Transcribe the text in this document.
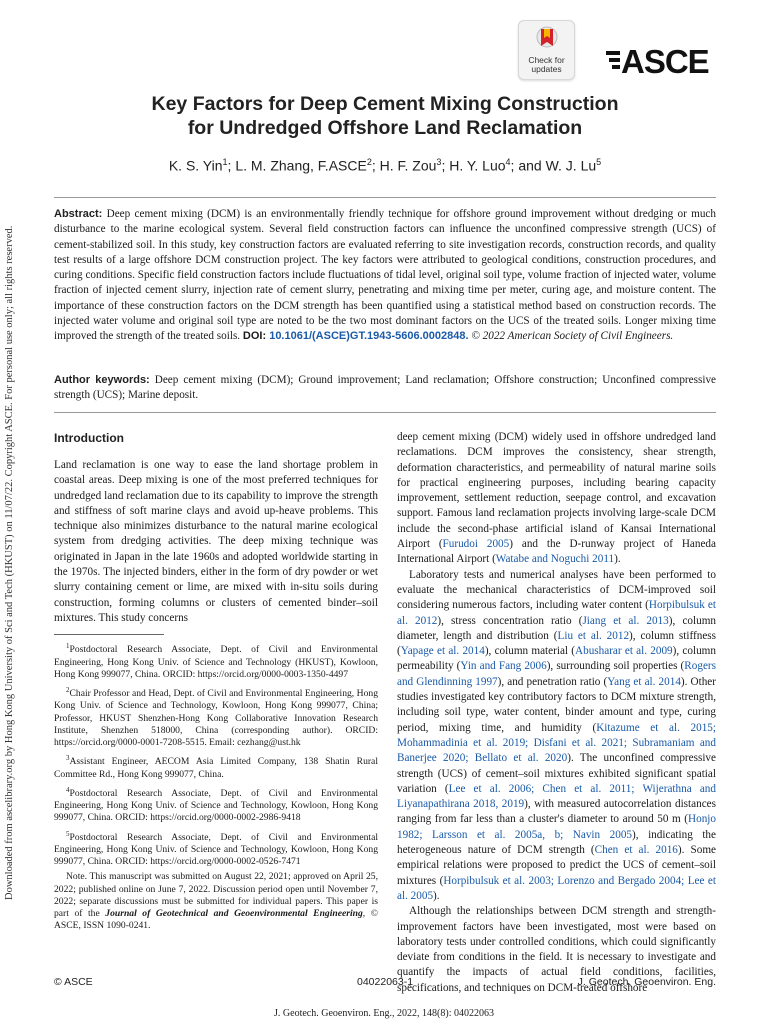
Downloaded from ascelibrary.org by Hong Kong University of Sci and Tech (HKUST) on 11/07/22. Copyright ASCE. For personal use only; all rights reserved.
Check for updates ASCE
Key Factors for Deep Cement Mixing Construction
for Undredged Offshore Land Reclamation
K. S. Yin$^1$; L. M. Zhang, F.ASCE$^2$; H. F. Zou$^3$; H. Y. Luo$^4$; and W. J. Lu$^5$
Abstract: Deep cement mixing (DCM) is an environmentally friendly technique for offshore ground improvement without dredging or much disturbance to the marine ecological system. Several field construction factors can influence the unconfined compressive strength (UCS) of cement-stabilized soil. In this study, key construction factors are evaluated referring to site investigation records, construction records, and quality test results of a large offshore DCM construction project. The key factors were attributed to geological conditions, construction procedures, and curing conditions. Specific field construction factors include fluctuations of tidal level, original soil type, volume fraction of injected water, volume fraction of injected cement slurry, injection rate of cement slurry, penetrating and mixing time per meter, curing age, and moisture content. The importance of these construction factors on the DCM strength has been quantified using a statistical method based on construction records. The injected water volume and original soil type are noted to be the two most dominant factors on the UCS of the treated soils. Longer mixing time improved the strength of the treated soils. DOI: 10.1061/(ASCE)GT.1943-5606.0002848. © 2022 American Society of Civil Engineers.
Author keywords: Deep cement mixing (DCM); Ground improvement; Land reclamation; Offshore construction; Unconfined compressive strength (UCS); Marine deposit.
Introduction

Land reclamation is one way to ease the land shortage problem in coastal areas. Deep mixing is one of the most preferred techniques for undredged land reclamation due to its capability to improve the strength and stiffness of soft marine clays and avoid up-heave problems. This technique also minimizes disturbance to the natural marine ecological system from dredging activities. The deep mixing technique was originated in Japan in the late 1960s and adopted worldwide starting in the 1970s. The injected binders, either in the form of dry powder or wet slurry containing cement or lime, are mixed with in-situ soils during construction, forming columns or clusters of cemented binder–soil mixtures. This study concerns

$^1$Postdoctoral Research Associate, Dept. of Civil and Environmental Engineering, Hong Kong Univ. of Science and Technology (HKUST), Kowloon, Hong Kong 999077, China. ORCID: https://orcid.org/0000-0003-1350-4497

$^2$Chair Professor and Head, Dept. of Civil and Environmental Engineering, Hong Kong Univ. of Science and Technology, Kowloon, Hong Kong 999077, China; Professor, HKUST Shenzhen-Hong Kong Collaborative Innovation Research Institute, Shenzhen 518000, China (corresponding author). ORCID: https://orcid.org/0000-0001-7208-5515. Email: cezhang@ust.hk

$^3$Assistant Engineer, AECOM Asia Limited Company, 138 Shatin Rural Committee Rd., Hong Kong 999077, China.

$^4$Postdoctoral Research Associate, Dept. of Civil and Environmental Engineering, Hong Kong Univ. of Science and Technology, Kowloon, Hong Kong 999077, China. ORCID: https://orcid.org/0000-0002-2986-9418

$^5$Postdoctoral Research Associate, Dept. of Civil and Environmental Engineering, Hong Kong Univ. of Science and Technology, Kowloon, Hong Kong 999077, China. ORCID: https://orcid.org/0000-0002-0526-7471

Note. This manuscript was submitted on August 22, 2021; approved on April 25, 2022; published online on June 7, 2022. Discussion period open until November 7, 2022; separate discussions must be submitted for individual papers. This paper is part of the Journal of Geotechnical and Geoenvironmental Engineering, © ASCE, ISSN 1090-0241.

deep cement mixing (DCM) widely used in offshore undredged land reclamations. DCM improves the consistency, shear strength, deformation characteristics, and permeability of natural marine soils for practical engineering purposes, including bearing capacity improvement, settlement reduction, seepage control, and excavation support. Famous land reclamation projects involving large-scale DCM include the second-phase artificial island of Kansai International Airport (Furudoi 2005) and the D-runway project of Haneda International Airport (Watabe and Noguchi 2011).

Laboratory tests and numerical analyses have been performed to evaluate the mechanical characteristics of DCM-improved soil considering numerous factors, including water content (Horpibulsuk et al. 2012), stress concentration ratio (Jiang et al. 2013), column diameter, length and distribution (Liu et al. 2012), column stiffness (Yapage et al. 2014), column material (Abusharar et al. 2009), column permeability (Yin and Fang 2006), surrounding soil properties (Rogers and Glendinning 1997), and penetration ratio (Yang et al. 2014). Other studies investigated key contributory factors to DCM mixture strength, including soil type, water content, binder amount and type, curing period, mixing time, and humidity (Kitazume et al. 2015; Mohammadinia et al. 2019; Disfani et al. 2021; Subramaniam and Banerjee 2020; Bellato et al. 2020). The unconfined compressive strength (UCS) of cement–soil mixtures exhibited significant spatial variation (Lee et al. 2006; Chen et al. 2011; Wijerathna and Liyanapathirana 2018, 2019), with measured autocorrelation distances ranging from far less than a cluster's diameter to around 50 m (Honjo 1982; Larsson et al. 2005a, b; Navin 2005), indicating the heterogeneous nature of DCM strength (Chen et al. 2016). Some empirical relations were proposed to predict the UCS of cement–soil mixtures (Horpibulsuk et al. 2003; Lorenzo and Bergado 2004; Lee et al. 2005).

Although the relationships between DCM strength and strength-improvement factors have been investigated, most were based on laboratory tests under controlled conditions, which could significantly deviate from conditions in the field. It is necessary to investigate and quantify the impacts of actual field conditions, facilities, specifications, and techniques on DCM-treated offshore

© ASCE	04022063-1	J. Geotech. Geoenviron. Eng.
J. Geotech. Geoenviron. Eng., 2022, 148(8): 04022063
